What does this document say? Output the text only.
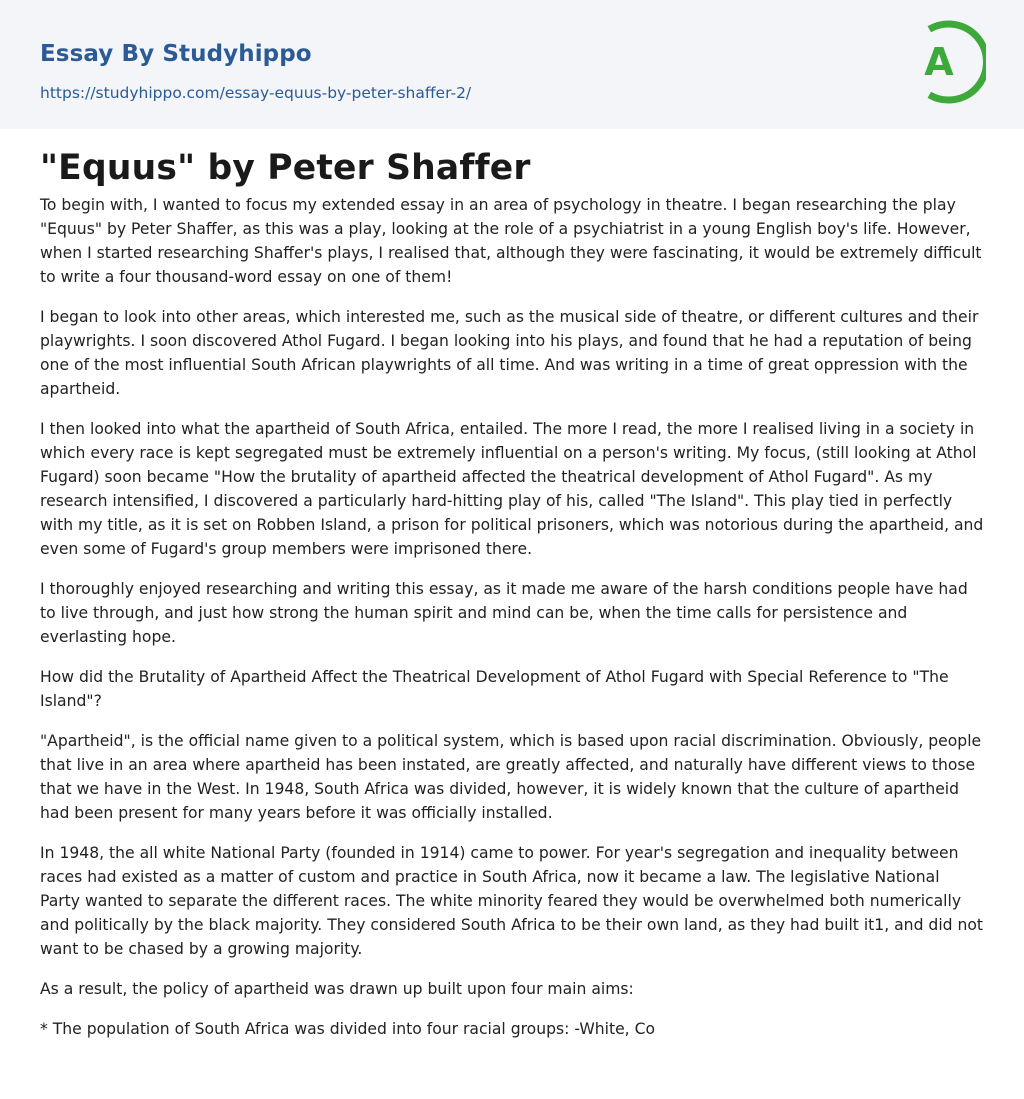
Essay By Studyhippo
https://studyhippo.com/essay-equus-by-peter-shaffer-2/
A
"Equus" by Peter Shaffer

To begin with, I wanted to focus my extended essay in an area of psychology in theatre. I began researching the play "Equus" by Peter Shaffer, as this was a play, looking at the role of a psychiatrist in a young English boy's life. However, when I started researching Shaffer's plays, I realised that, although they were fascinating, it would be extremely difficult to write a four thousand-word essay on one of them!

I began to look into other areas, which interested me, such as the musical side of theatre, or different cultures and their playwrights. I soon discovered Athol Fugard. I began looking into his plays, and found that he had a reputation of being one of the most influential South African playwrights of all time. And was writing in a time of great oppression with the apartheid.

I then looked into what the apartheid of South Africa, entailed. The more I read, the more I realised living in a society in which every race is kept segregated must be extremely influential on a person's writing. My focus, (still looking at Athol Fugard) soon became "How the brutality of apartheid affected the theatrical development of Athol Fugard". As my research intensified, I discovered a particularly hard-hitting play of his, called "The Island". This play tied in perfectly with my title, as it is set on Robben Island, a prison for political prisoners, which was notorious during the apartheid, and even some of Fugard's group members were imprisoned there.

I thoroughly enjoyed researching and writing this essay, as it made me aware of the harsh conditions people have had to live through, and just how strong the human spirit and mind can be, when the time calls for persistence and everlasting hope.

How did the Brutality of Apartheid Affect the Theatrical Development of Athol Fugard with Special Reference to "The Island"?

"Apartheid", is the official name given to a political system, which is based upon racial discrimination. Obviously, people that live in an area where apartheid has been instated, are greatly affected, and naturally have different views to those that we have in the West. In 1948, South Africa was divided, however, it is widely known that the culture of apartheid had been present for many years before it was officially installed.

In 1948, the all white National Party (founded in 1914) came to power. For year's segregation and inequality between races had existed as a matter of custom and practice in South Africa, now it became a law. The legislative National Party wanted to separate the different races. The white minority feared they would be overwhelmed both numerically and politically by the black majority. They considered South Africa to be their own land, as they had built it1, and did not want to be chased by a growing majority.

As a result, the policy of apartheid was drawn up built upon four main aims:

* The population of South Africa was divided into four racial groups: -White, Co
